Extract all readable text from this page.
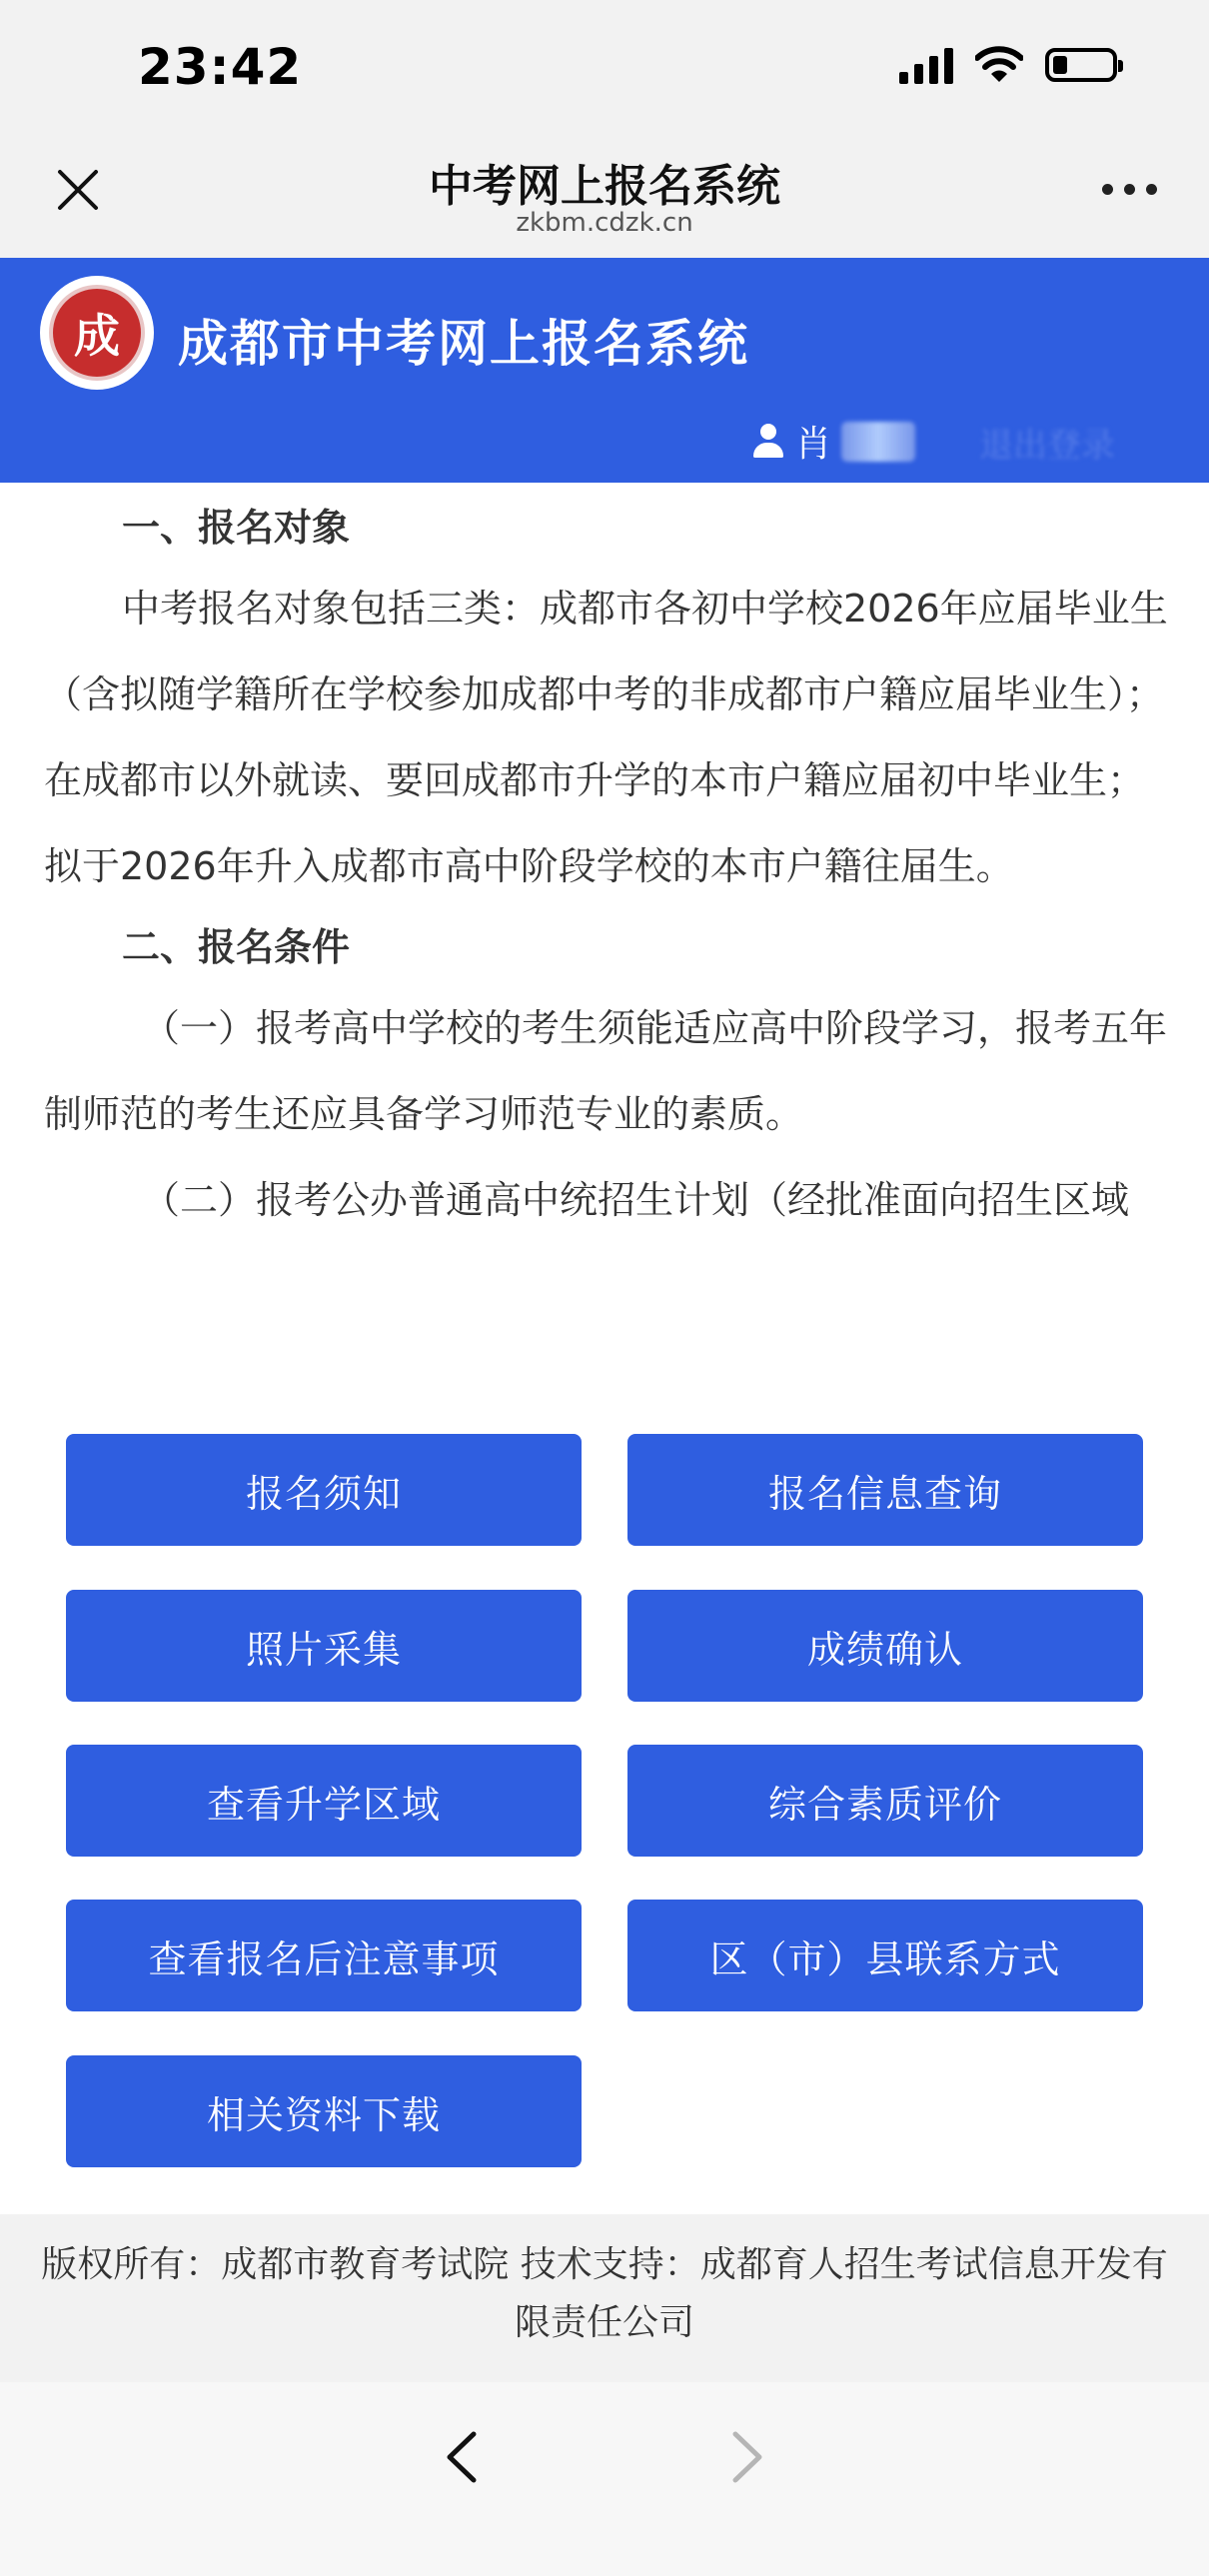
23:42
中考网上报名系统
zkbm.cdzk.cn
成 成都市中考网上报名系统
肖	退出登录

一、报名对象

中考报名对象包括三类：成都市各初中学校2026年应届毕业生（含拟随学籍所在学校参加成都中考的非成都市户籍应届毕业生）；在成都市以外就读、要回成都市升学的本市户籍应届初中毕业生；拟于2026年升入成都市高中阶段学校的本市户籍往届生。

二、报名条件

（一）报考高中学校的考生须能适应高中阶段学习，报考五年制师范的考生还应具备学习师范专业的素质。

（二）报考公办普通高中统招生计划（经批准面向招生区域

报名须知	报名信息查询
照片采集	成绩确认
查看升学区域	综合素质评价
查看报名后注意事项	区（市）县联系方式
相关资料下载
版权所有：成都市教育考试院 技术支持：成都育人招生考试信息开发有限责任公司
